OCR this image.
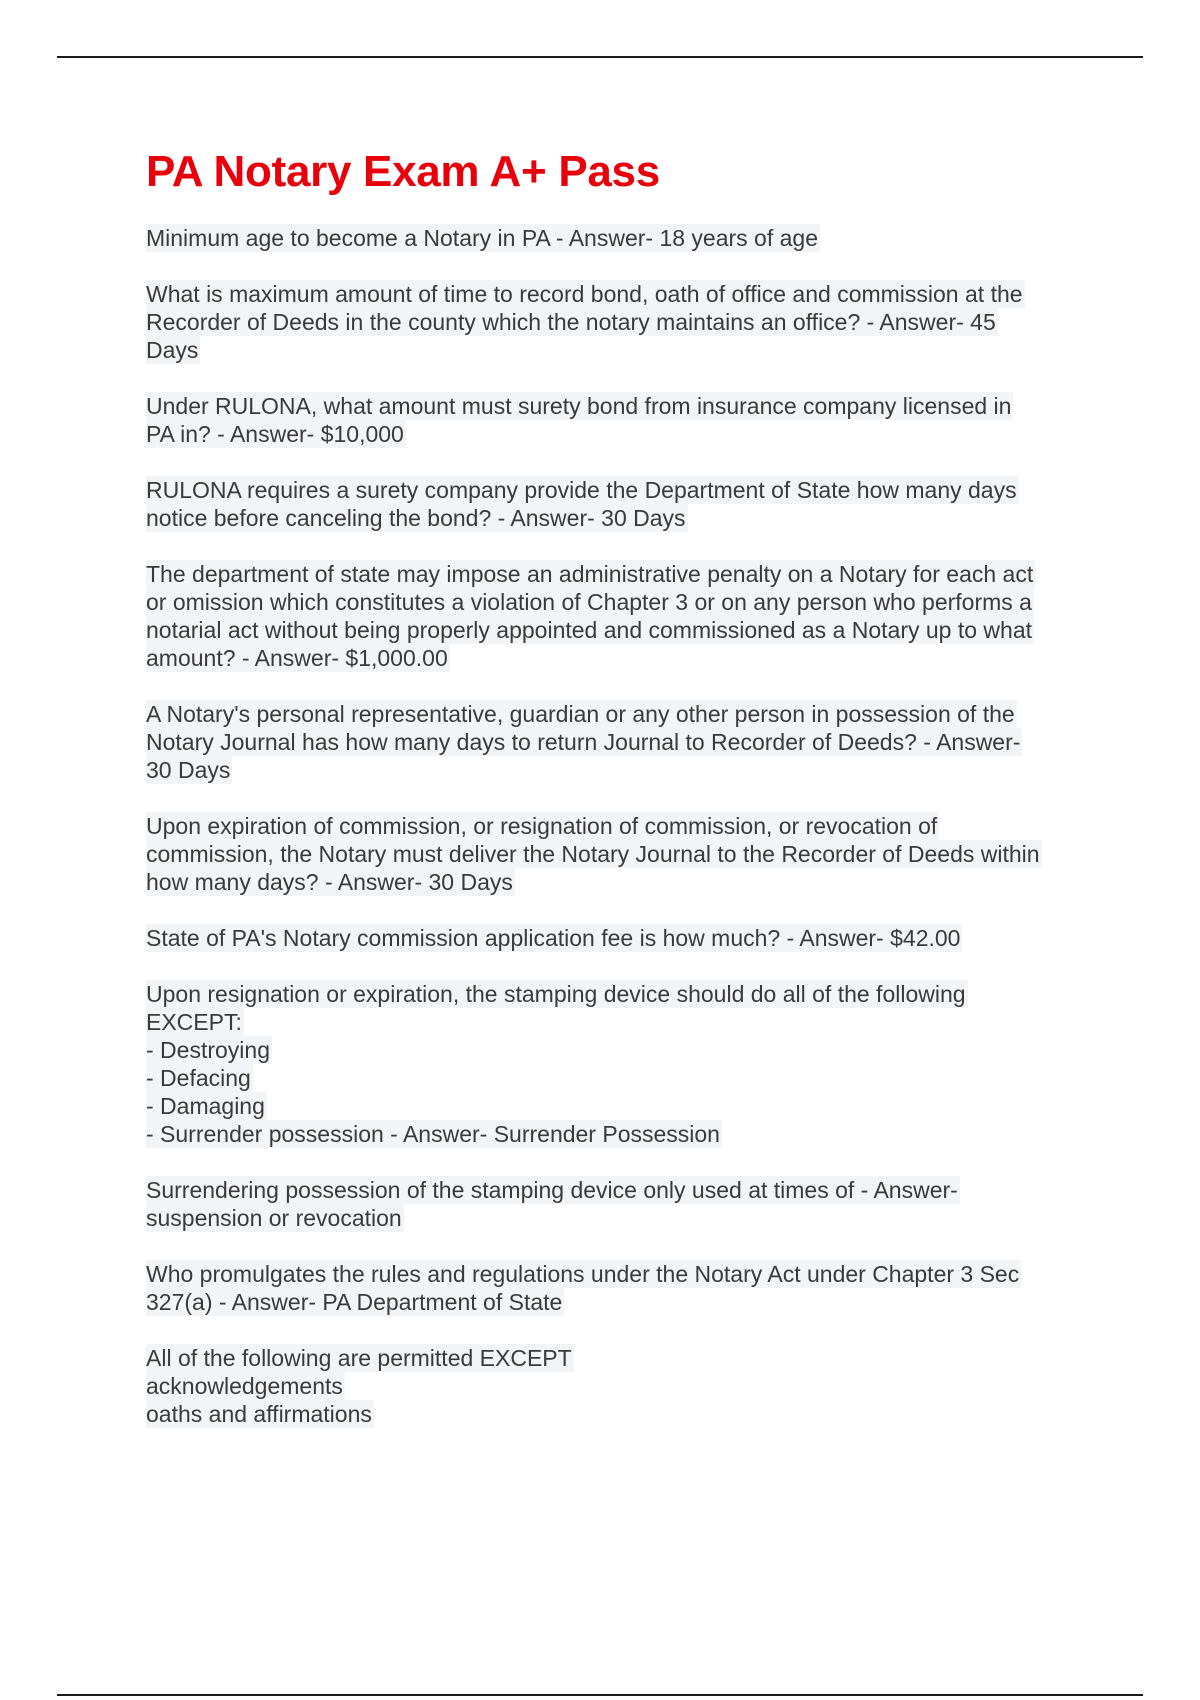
PA Notary Exam A+ Pass
Minimum age to become a Notary in PA - Answer- 18 years of age
What is maximum amount of time to record bond, oath of office and commission at the
Recorder of Deeds in the county which the notary maintains an office? - Answer- 45
Days
Under RULONA, what amount must surety bond from insurance company licensed in
PA in? - Answer- $10,000
RULONA requires a surety company provide the Department of State how many days
notice before canceling the bond? - Answer- 30 Days
The department of state may impose an administrative penalty on a Notary for each act
or omission which constitutes a violation of Chapter 3 or on any person who performs a
notarial act without being properly appointed and commissioned as a Notary up to what
amount? - Answer- $1,000.00
A Notary's personal representative, guardian or any other person in possession of the
Notary Journal has how many days to return Journal to Recorder of Deeds? - Answer-
30 Days
Upon expiration of commission, or resignation of commission, or revocation of
commission, the Notary must deliver the Notary Journal to the Recorder of Deeds within
how many days? - Answer- 30 Days
State of PA's Notary commission application fee is how much? - Answer- $42.00
Upon resignation or expiration, the stamping device should do all of the following
EXCEPT:
- Destroying
- Defacing
- Damaging
- Surrender possession - Answer- Surrender Possession
Surrendering possession of the stamping device only used at times of - Answer-
suspension or revocation
Who promulgates the rules and regulations under the Notary Act under Chapter 3 Sec
327(a) - Answer- PA Department of State
All of the following are permitted EXCEPT
acknowledgements
oaths and affirmations
